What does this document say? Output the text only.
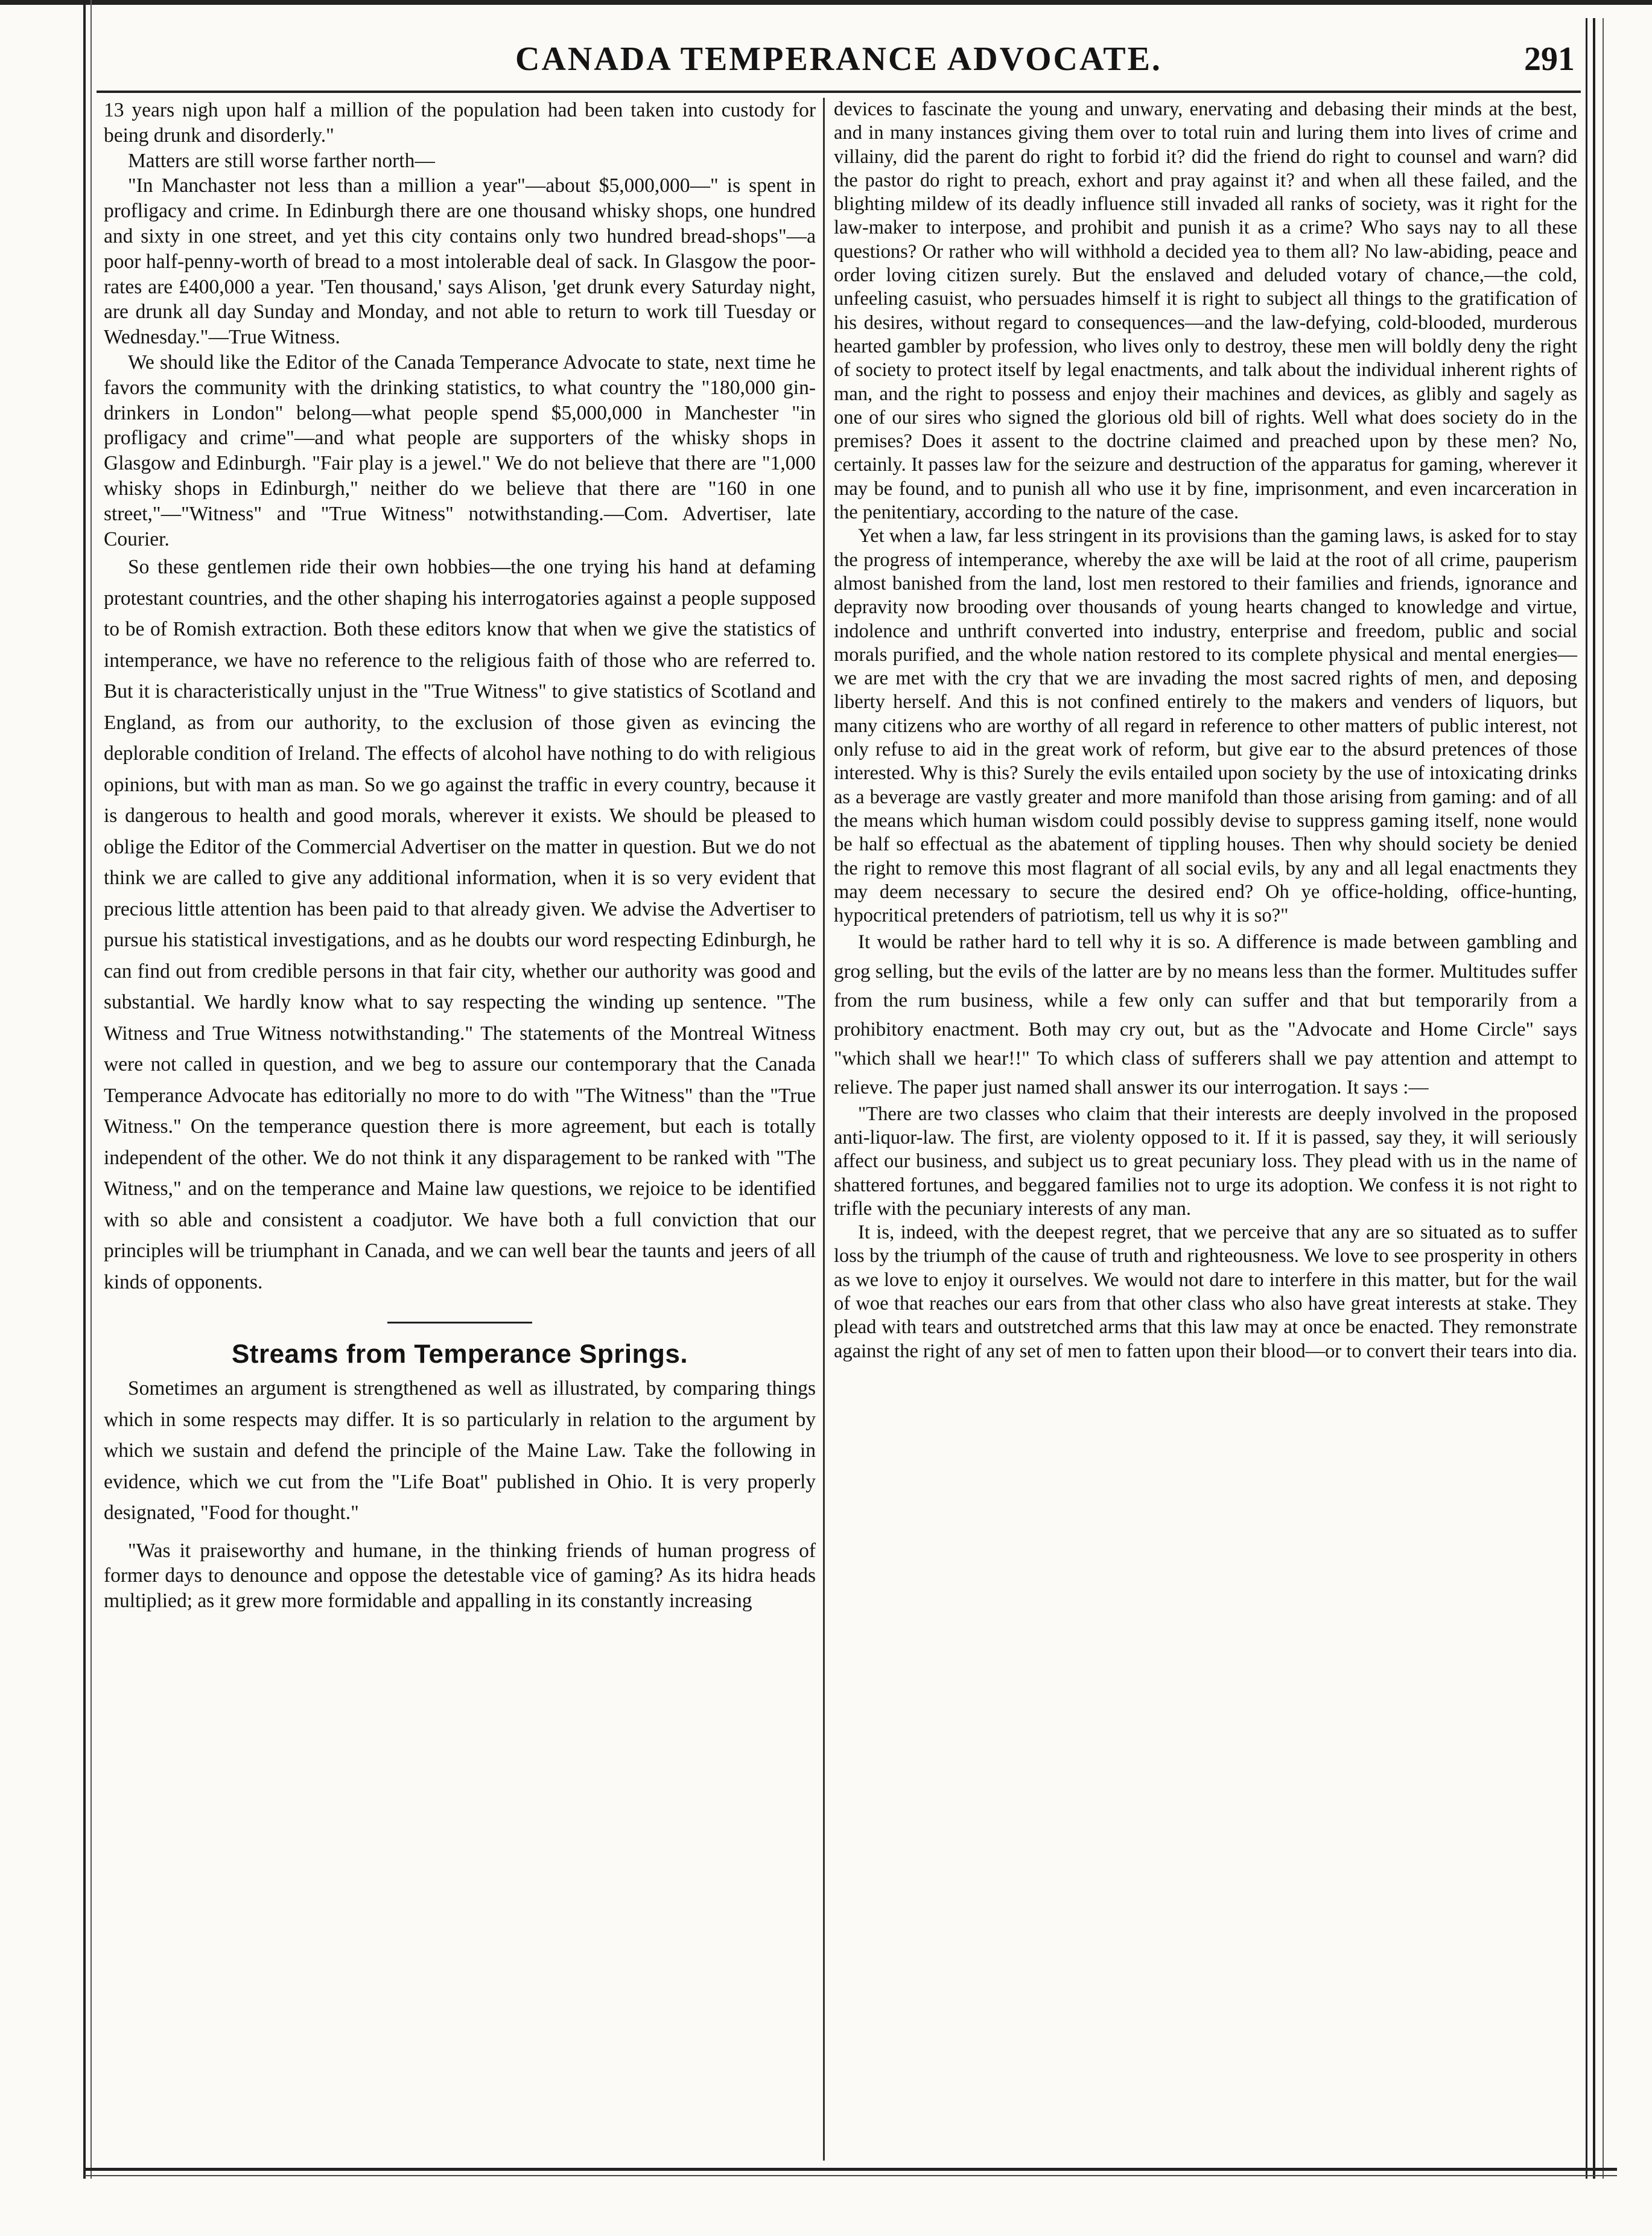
CANADA TEMPERANCE ADVOCATE.	291

13 years nigh upon half a million of the population had been taken into custody for being drunk and disorderly."

Matters are still worse farther north—

"In Manchaster not less than a million a year"—about $5,000,000—" is spent in profligacy and crime. In Edinburgh there are one thousand whisky shops, one hundred and sixty in one street, and yet this city contains only two hundred bread-shops"—a poor half-penny-worth of bread to a most intolerable deal of sack. In Glasgow the poor-rates are £400,000 a year. 'Ten thousand,' says Alison, 'get drunk every Saturday night, are drunk all day Sunday and Monday, and not able to return to work till Tuesday or Wednesday."—True Witness.

We should like the Editor of the Canada Temperance Advocate to state, next time he favors the community with the drinking statistics, to what country the "180,000 gin-drinkers in London" belong—what people spend $5,000,000 in Manchester "in profligacy and crime"—and what people are supporters of the whisky shops in Glasgow and Edinburgh. "Fair play is a jewel." We do not believe that there are "1,000 whisky shops in Edinburgh," neither do we believe that there are "160 in one street,"—"Witness" and "True Witness" notwithstanding.—Com. Advertiser, late Courier.

So these gentlemen ride their own hobbies—the one trying his hand at defaming protestant countries, and the other shaping his interrogatories against a people supposed to be of Romish extraction. Both these editors know that when we give the statistics of intemperance, we have no reference to the religious faith of those who are referred to. But it is characteristically unjust in the "True Witness" to give statistics of Scotland and England, as from our authority, to the exclusion of those given as evincing the deplorable condition of Ireland. The effects of alcohol have nothing to do with religious opinions, but with man as man. So we go against the traffic in every country, because it is dangerous to health and good morals, wherever it exists. We should be pleased to oblige the Editor of the Commercial Advertiser on the matter in question. But we do not think we are called to give any additional information, when it is so very evident that precious little attention has been paid to that already given. We advise the Advertiser to pursue his statistical investigations, and as he doubts our word respecting Edinburgh, he can find out from credible persons in that fair city, whether our authority was good and substantial. We hardly know what to say respecting the winding up sentence. "The Witness and True Witness notwithstanding." The statements of the Montreal Witness were not called in question, and we beg to assure our contemporary that the Canada Temperance Advocate has editorially no more to do with "The Witness" than the "True Witness." On the temperance question there is more agreement, but each is totally independent of the other. We do not think it any disparagement to be ranked with "The Witness," and on the temperance and Maine law questions, we rejoice to be identified with so able and consistent a coadjutor. We have both a full conviction that our principles will be triumphant in Canada, and we can well bear the taunts and jeers of all kinds of opponents.

Streams from Temperance Springs.

Sometimes an argument is strengthened as well as illustrated, by comparing things which in some respects may differ. It is so particularly in relation to the argument by which we sustain and defend the principle of the Maine Law. Take the following in evidence, which we cut from the "Life Boat" published in Ohio. It is very properly designated, "Food for thought."

"Was it praiseworthy and humane, in the thinking friends of human progress of former days to denounce and oppose the detestable vice of gaming? As its hidra heads multiplied; as it grew more formidable and appalling in its constantly increasing

devices to fascinate the young and unwary, enervating and debasing their minds at the best, and in many instances giving them over to total ruin and luring them into lives of crime and villainy, did the parent do right to forbid it? did the friend do right to counsel and warn? did the pastor do right to preach, exhort and pray against it? and when all these failed, and the blighting mildew of its deadly influence still invaded all ranks of society, was it right for the law-maker to interpose, and prohibit and punish it as a crime? Who says nay to all these questions? Or rather who will withhold a decided yea to them all? No law-abiding, peace and order loving citizen surely. But the enslaved and deluded votary of chance,—the cold, unfeeling casuist, who persuades himself it is right to subject all things to the gratification of his desires, without regard to consequences—and the law-defying, cold-blooded, murderous hearted gambler by profession, who lives only to destroy, these men will boldly deny the right of society to protect itself by legal enactments, and talk about the individual inherent rights of man, and the right to possess and enjoy their machines and devices, as glibly and sagely as one of our sires who signed the glorious old bill of rights. Well what does society do in the premises? Does it assent to the doctrine claimed and preached upon by these men? No, certainly. It passes law for the seizure and destruction of the apparatus for gaming, wherever it may be found, and to punish all who use it by fine, imprisonment, and even incarceration in the penitentiary, according to the nature of the case.

Yet when a law, far less stringent in its provisions than the gaming laws, is asked for to stay the progress of intemperance, whereby the axe will be laid at the root of all crime, pauperism almost banished from the land, lost men restored to their families and friends, ignorance and depravity now brooding over thousands of young hearts changed to knowledge and virtue, indolence and unthrift converted into industry, enterprise and freedom, public and social morals purified, and the whole nation restored to its complete physical and mental energies—we are met with the cry that we are invading the most sacred rights of men, and deposing liberty herself. And this is not confined entirely to the makers and venders of liquors, but many citizens who are worthy of all regard in reference to other matters of public interest, not only refuse to aid in the great work of reform, but give ear to the absurd pretences of those interested. Why is this? Surely the evils entailed upon society by the use of intoxicating drinks as a beverage are vastly greater and more manifold than those arising from gaming: and of all the means which human wisdom could possibly devise to suppress gaming itself, none would be half so effectual as the abatement of tippling houses. Then why should society be denied the right to remove this most flagrant of all social evils, by any and all legal enactments they may deem necessary to secure the desired end? Oh ye office-holding, office-hunting, hypocritical pretenders of patriotism, tell us why it is so?"

It would be rather hard to tell why it is so. A difference is made between gambling and grog selling, but the evils of the latter are by no means less than the former. Multitudes suffer from the rum business, while a few only can suffer and that but temporarily from a prohibitory enactment. Both may cry out, but as the "Advocate and Home Circle" says "which shall we hear!!" To which class of sufferers shall we pay attention and attempt to relieve. The paper just named shall answer its our interrogation. It says :—

"There are two classes who claim that their interests are deeply involved in the proposed anti-liquor-law. The first, are violenty opposed to it. If it is passed, say they, it will seriously affect our business, and subject us to great pecuniary loss. They plead with us in the name of shattered fortunes, and beggared families not to urge its adoption. We confess it is not right to trifle with the pecuniary interests of any man.

It is, indeed, with the deepest regret, that we perceive that any are so situated as to suffer loss by the triumph of the cause of truth and righteousness. We love to see prosperity in others as we love to enjoy it ourselves. We would not dare to interfere in this matter, but for the wail of woe that reaches our ears from that other class who also have great interests at stake. They plead with tears and outstretched arms that this law may at once be enacted. They remonstrate against the right of any set of men to fatten upon their blood—or to convert their tears into dia.
